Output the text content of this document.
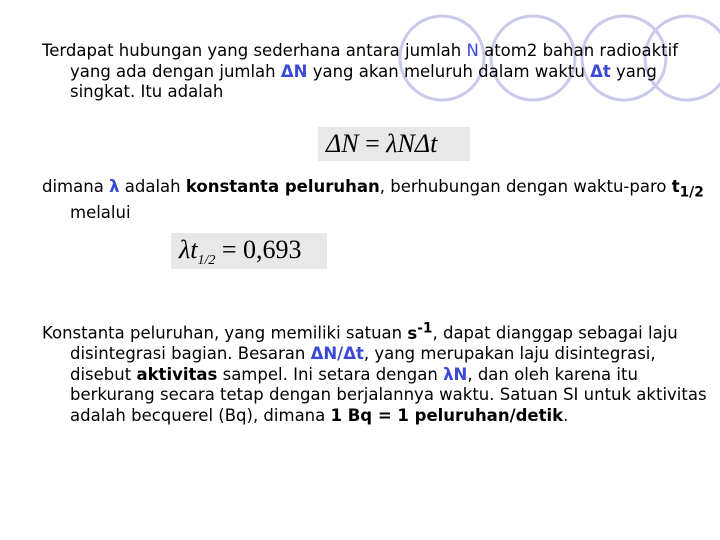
Terdapat hubungan yang sederhana antara jumlah N atom2 bahan radioaktif yang ada dengan jumlah ΔN yang akan meluruh dalam waktu Δt yang singkat. Itu adalah

ΔN = λNΔt

dimana λ adalah konstanta peluruhan, berhubungan dengan waktu-paro $t_{1/2}$ melalui

$\lambda t_{1/2} = 0,693$

Konstanta peluruhan, yang memiliki satuan $s^{-1}$, dapat dianggap sebagai laju disintegrasi bagian. Besaran ΔN/Δt, yang merupakan laju disintegrasi, disebut aktivitas sampel. Ini setara dengan λN, dan oleh karena itu berkurang secara tetap dengan berjalannya waktu. Satuan SI untuk aktivitas adalah becquerel (Bq), dimana 1 Bq = 1 peluruhan/detik.
